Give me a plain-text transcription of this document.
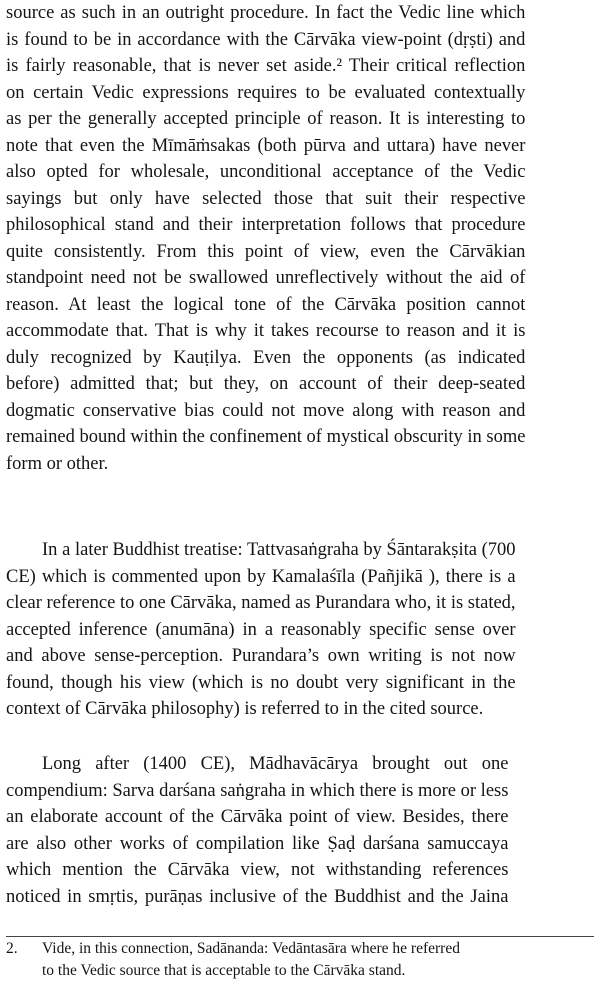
source as such in an outright procedure. In fact the Vedic line which
is found to be in accordance with the Cārvāka view-point (dṛṣti) and
is fairly reasonable, that is never set aside.² Their critical reflection
on certain Vedic expressions requires to be evaluated contextually
as per the generally accepted principle of reason. It is interesting to
note that even the Mīmāṁsakas (both pūrva and uttara) have never
also opted for wholesale, unconditional acceptance of the Vedic
sayings but only have selected those that suit their respective
philosophical stand and their interpretation follows that procedure
quite consistently. From this point of view, even the Cārvākian
standpoint need not be swallowed unreflectively without the aid of
reason. At least the logical tone of the Cārvāka position cannot
accommodate that. That is why it takes recourse to reason and it is
duly recognized by Kauṭilya. Even the opponents (as indicated
before) admitted that; but they, on account of their deep-seated
dogmatic conservative bias could not move along with reason and
remained bound within the confinement of mystical obscurity in some
form or other.
In a later Buddhist treatise: Tattvasaṅgraha by Śāntarakṣita (700
CE) which is commented upon by Kamalaśīla (Pañjikā ), there is a
clear reference to one Cārvāka, named as Purandara who, it is stated,
accepted inference (anumāna) in a reasonably specific sense over
and above sense-perception. Purandara’s own writing is not now
found, though his view (which is no doubt very significant in the
context of Cārvāka philosophy) is referred to in the cited source.
Long after (1400 CE), Mādhavācārya brought out one
compendium: Sarva darśana saṅgraha in which there is more or less
an elaborate account of the Cārvāka point of view. Besides, there
are also other works of compilation like Ṣaḍ darśana samuccaya
which mention the Cārvāka view, not withstanding references
noticed in smṛtis, purāṇas inclusive of the Buddhist and the Jaina
2. Vide, in this connection, Sadānanda: Vedāntasāra where he referred
to the Vedic source that is acceptable to the Cārvāka stand.
